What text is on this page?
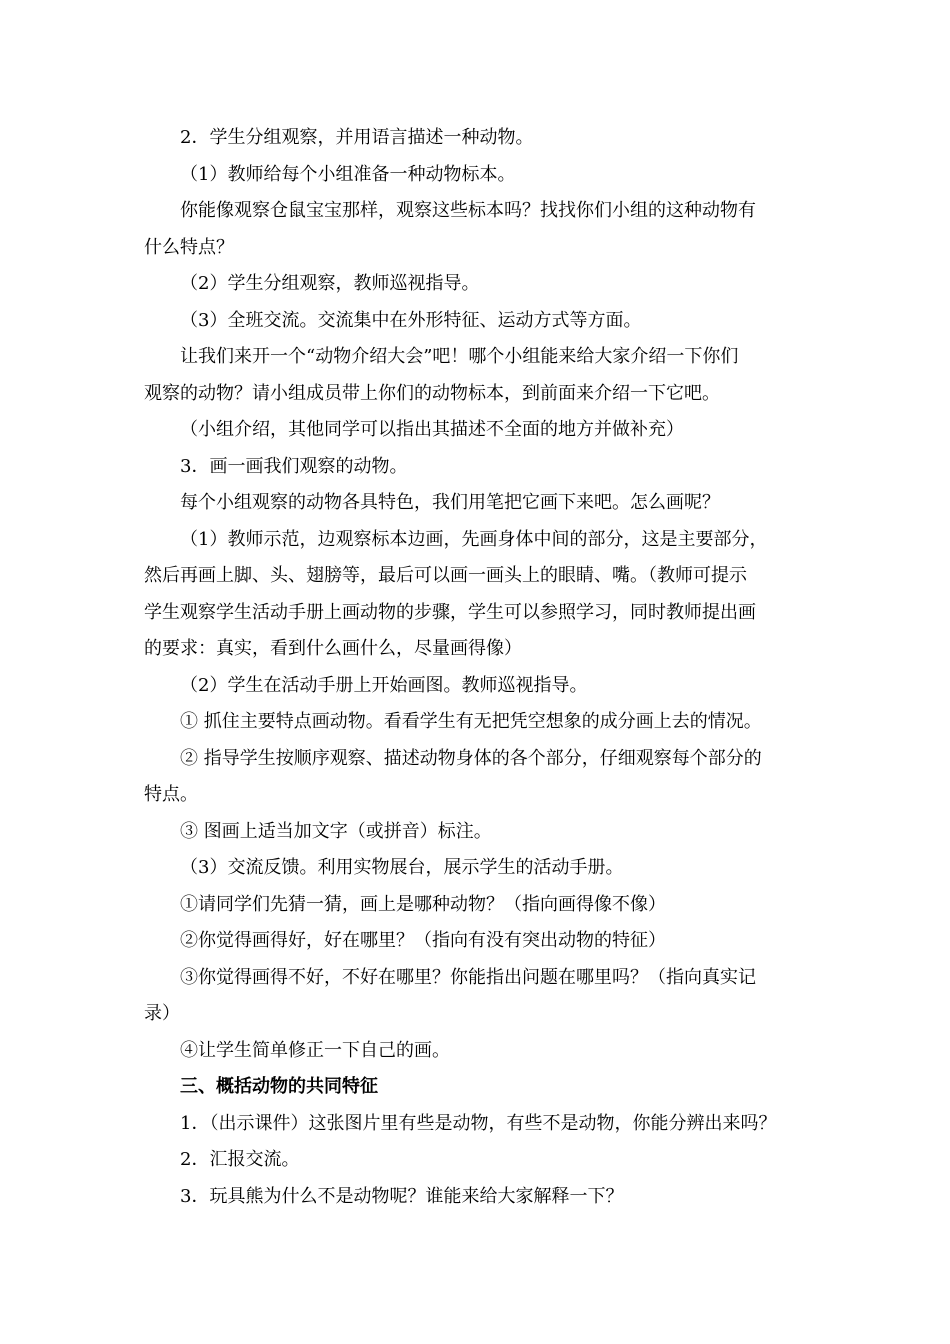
2．学生分组观察，并用语言描述一种动物。
（1）教师给每个小组准备一种动物标本。
你能像观察仓鼠宝宝那样，观察这些标本吗？找找你们小组的这种动物有
什么特点？
（2）学生分组观察，教师巡视指导。
（3）全班交流。交流集中在外形特征、运动方式等方面。
让我们来开一个“动物介绍大会”吧！哪个小组能来给大家介绍一下你们
观察的动物？请小组成员带上你们的动物标本，到前面来介绍一下它吧。
（小组介绍，其他同学可以指出其描述不全面的地方并做补充）
3．画一画我们观察的动物。
每个小组观察的动物各具特色，我们用笔把它画下来吧。怎么画呢？
（1）教师示范，边观察标本边画，先画身体中间的部分，这是主要部分，
然后再画上脚、头、翅膀等，最后可以画一画头上的眼睛、嘴。（教师可提示
学生观察学生活动手册上画动物的步骤，学生可以参照学习，同时教师提出画
的要求：真实，看到什么画什么，尽量画得像）
（2）学生在活动手册上开始画图。教师巡视指导。
① 抓住主要特点画动物。看看学生有无把凭空想象的成分画上去的情况。
② 指导学生按顺序观察、描述动物身体的各个部分，仔细观察每个部分的
特点。
③ 图画上适当加文字（或拼音）标注。
（3）交流反馈。利用实物展台，展示学生的活动手册。
①请同学们先猜一猜，画上是哪种动物？（指向画得像不像）
②你觉得画得好，好在哪里？（指向有没有突出动物的特征）
③你觉得画得不好，不好在哪里？你能指出问题在哪里吗？（指向真实记
录）
④让学生简单修正一下自己的画。
三、概括动物的共同特征
1．（出示课件）这张图片里有些是动物，有些不是动物，你能分辨出来吗？
2．汇报交流。
3．玩具熊为什么不是动物呢？谁能来给大家解释一下？
